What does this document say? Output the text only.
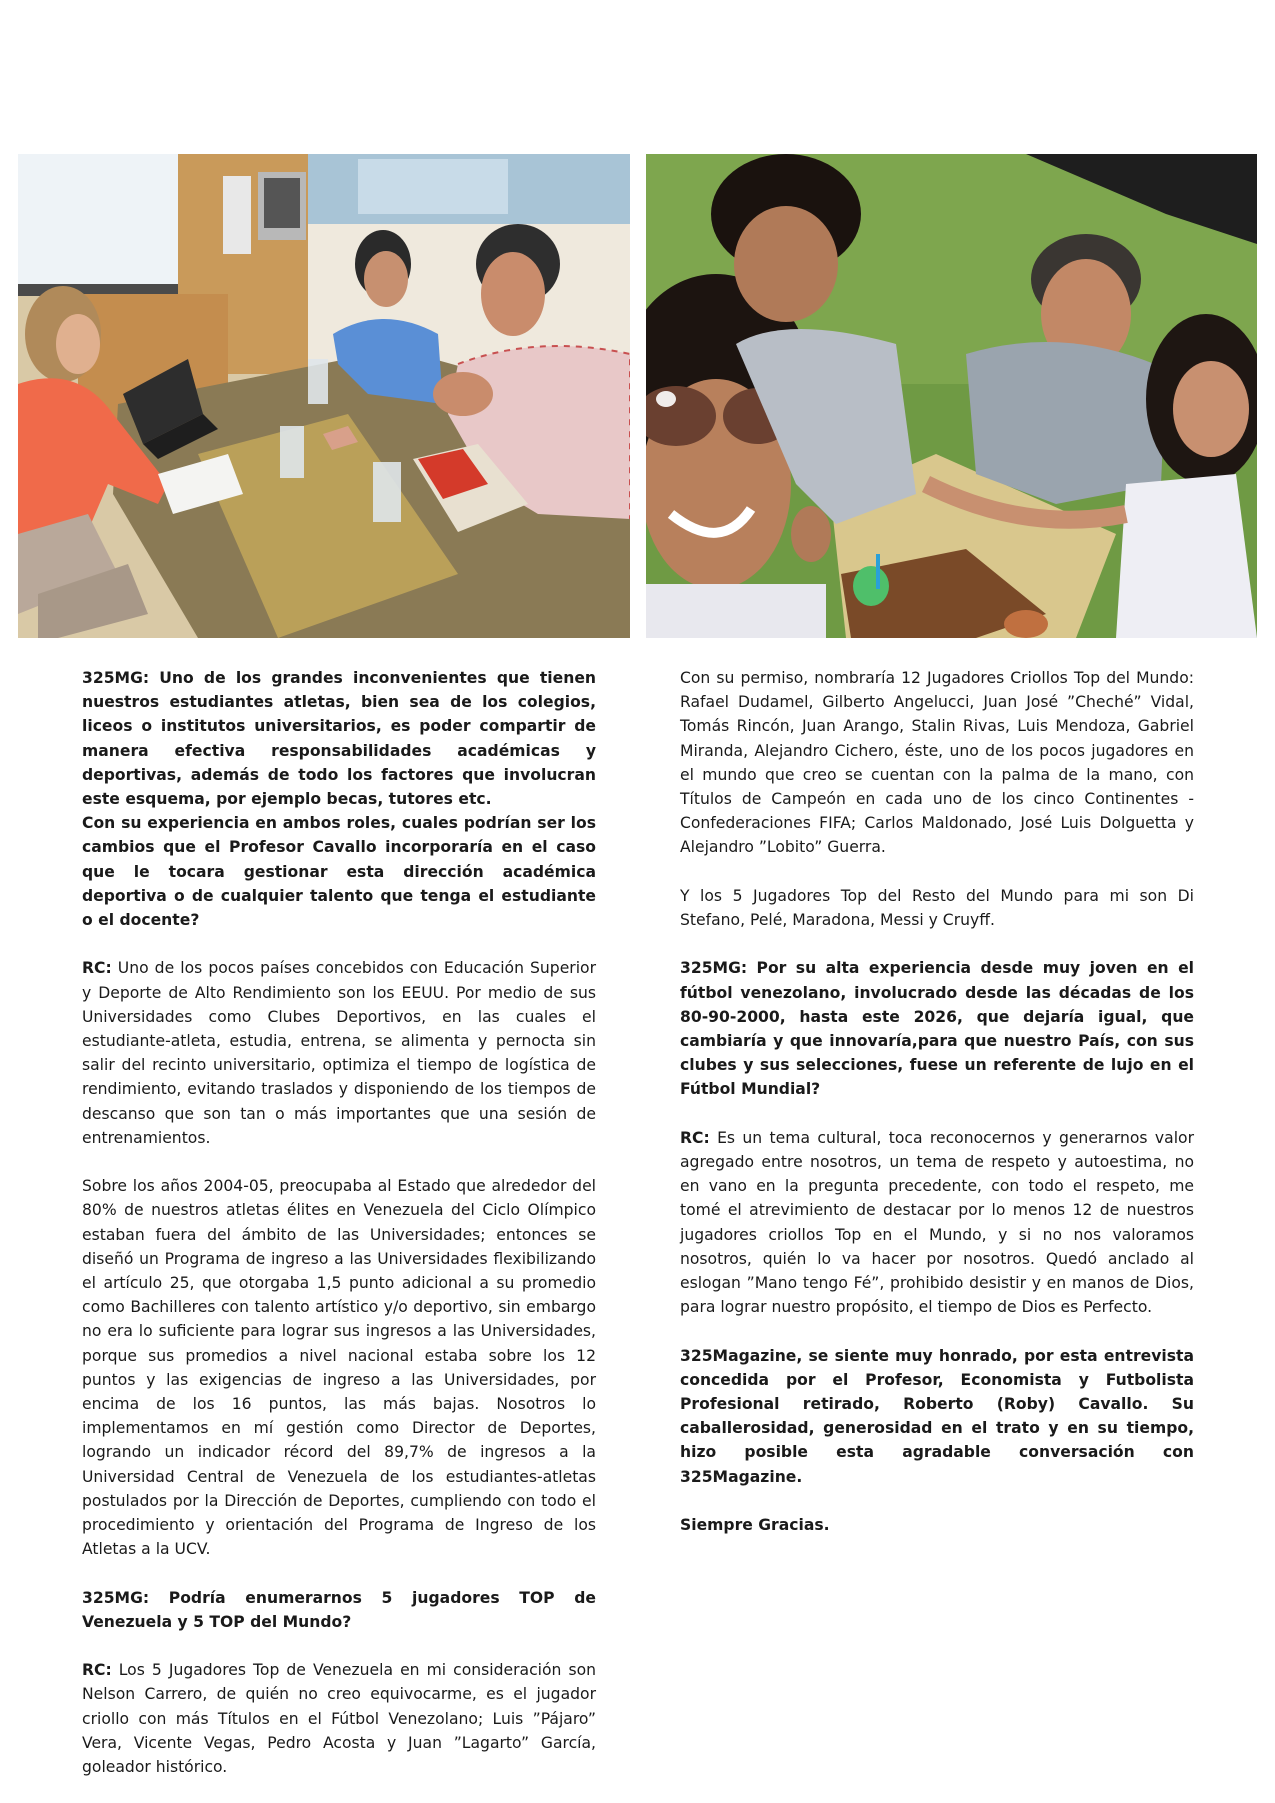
325MG: Uno de los grandes inconvenientes que tienen nuestros estudiantes atletas, bien sea de los colegios, liceos o institutos universitarios, es poder compartir de manera efectiva responsabilidades académicas y deportivas, además de todo los factores que involucran este esquema, por ejemplo becas, tutores etc.

Con su experiencia en ambos roles, cuales podrían ser los cambios que el Profesor Cavallo incorporaría en el caso que le tocara gestionar esta dirección académica deportiva o de cualquier talento que tenga el estudiante o el docente?

RC: Uno de los pocos países concebidos con Educación Superior y Deporte de Alto Rendimiento son los EEUU. Por medio de sus Universidades como Clubes Deportivos, en las cuales el estudiante-atleta, estudia, entrena, se alimenta y pernocta sin salir del recinto universitario, optimiza el tiempo de logística de rendimiento, evitando traslados y disponiendo de los tiempos de descanso que son tan o más importantes que una sesión de entrenamientos.

Sobre los años 2004-05, preocupaba al Estado que alrededor del 80% de nuestros atletas élites en Venezuela del Ciclo Olímpico estaban fuera del ámbito de las Universidades; entonces se diseñó un Programa de ingreso a las Universidades flexibilizando el artículo 25, que otorgaba 1,5 punto adicional a su promedio como Bachilleres con talento artístico y/o deportivo, sin embargo no era lo suficiente para lograr sus ingresos a las Universidades, porque sus promedios a nivel nacional estaba sobre los 12 puntos y las exigencias de ingreso a las Universidades, por encima de los 16 puntos, las más bajas. Nosotros lo implementamos en mí gestión como Director de Deportes, logrando un indicador récord del 89,7% de ingresos a la Universidad Central de Venezuela de los estudiantes-atletas postulados por la Dirección de Deportes, cumpliendo con todo el procedimiento y orientación del Programa de Ingreso de los Atletas a la UCV.

325MG: Podría enumerarnos 5 jugadores TOP de Venezuela y 5 TOP del Mundo?

RC: Los 5 Jugadores Top de Venezuela en mi consideración son Nelson Carrero, de quién no creo equivocarme, es el jugador criollo con más Títulos en el Fútbol Venezolano; Luis ”Pájaro” Vera, Vicente Vegas, Pedro Acosta y Juan ”Lagarto” García, goleador histórico.

Con su permiso, nombraría 12 Jugadores Criollos Top del Mundo: Rafael Dudamel, Gilberto Angelucci, Juan José ”Cheché” Vidal, Tomás Rincón, Juan Arango, Stalin Rivas, Luis Mendoza, Gabriel Miranda, Alejandro Cichero, éste, uno de los pocos jugadores en el mundo que creo se cuentan con la palma de la mano, con Títulos de Campeón en cada uno de los cinco Continentes - Confederaciones FIFA; Carlos Maldonado, José Luis Dolguetta y Alejandro ”Lobito” Guerra.

Y los 5 Jugadores Top del Resto del Mundo para mi son Di Stefano, Pelé, Maradona, Messi y Cruyff.

325MG: Por su alta experiencia desde muy joven en el fútbol venezolano, involucrado desde las décadas de los 80-90-2000, hasta este 2026, que dejaría igual, que cambiaría y que innovaría,para que nuestro País, con sus clubes y sus selecciones, fuese un referente de lujo en el Fútbol Mundial?

RC: Es un tema cultural, toca reconocernos y generarnos valor agregado entre nosotros, un tema de respeto y autoestima, no en vano en la pregunta precedente, con todo el respeto, me tomé el atrevimiento de destacar por lo menos 12 de nuestros jugadores criollos Top en el Mundo, y si no nos valoramos nosotros, quién lo va hacer por nosotros. Quedó anclado al eslogan ”Mano tengo Fé”, prohibido desistir y en manos de Dios, para lograr nuestro propósito, el tiempo de Dios es Perfecto.

325Magazine, se siente muy honrado, por esta entrevista concedida por el Profesor, Economista y Futbolista Profesional retirado, Roberto (Roby) Cavallo. Su caballerosidad, generosidad en el trato y en su tiempo, hizo posible esta agradable conversación con 325Magazine.

Siempre Gracias.
